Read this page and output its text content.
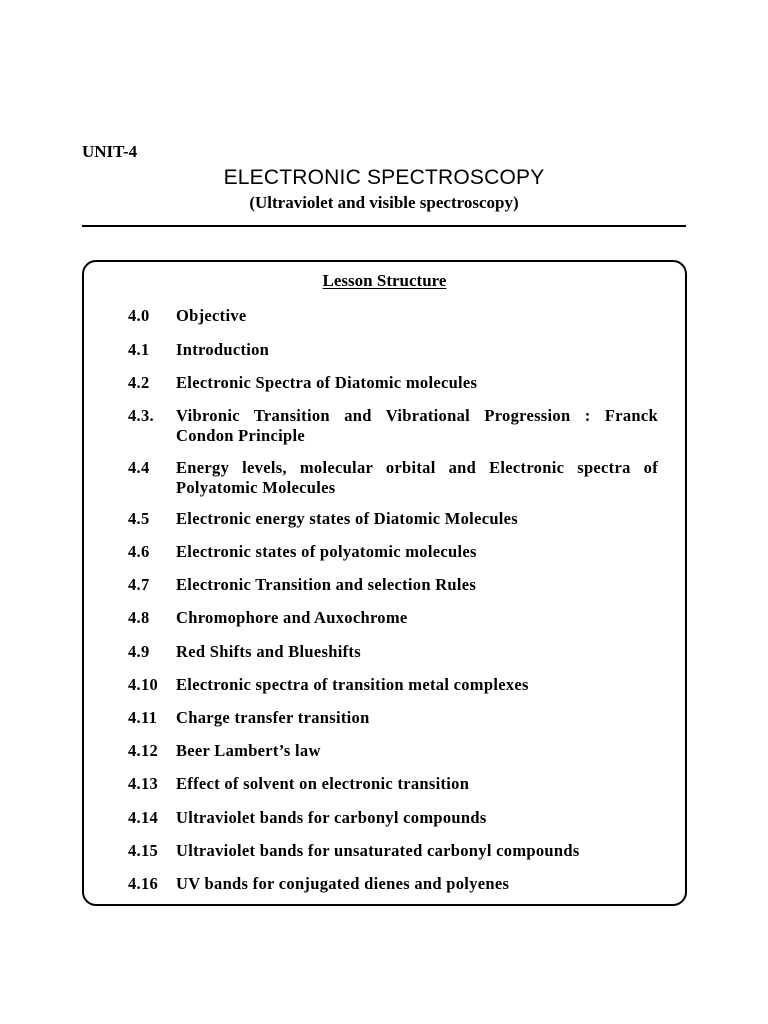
UNIT-4
ELECTRONIC SPECTROSCOPY
(Ultraviolet and visible spectroscopy)
Lesson Structure
4.0 Objective
4.1 Introduction
4.2 Electronic Spectra of Diatomic molecules
4.3. Vibronic Transition and Vibrational Progression : Franck Condon Principle
4.4 Energy levels, molecular orbital and Electronic spectra of Polyatomic Molecules
4.5 Electronic energy states of Diatomic Molecules
4.6 Electronic states of polyatomic molecules
4.7 Electronic Transition and selection Rules
4.8 Chromophore and Auxochrome
4.9 Red Shifts and Blueshifts
4.10 Electronic spectra of transition metal complexes
4.11 Charge transfer transition
4.12 Beer Lambert’s law
4.13 Effect of solvent on electronic transition
4.14 Ultraviolet bands for carbonyl compounds
4.15 Ultraviolet bands for unsaturated carbonyl compounds
4.16 UV bands for conjugated dienes and polyenes
